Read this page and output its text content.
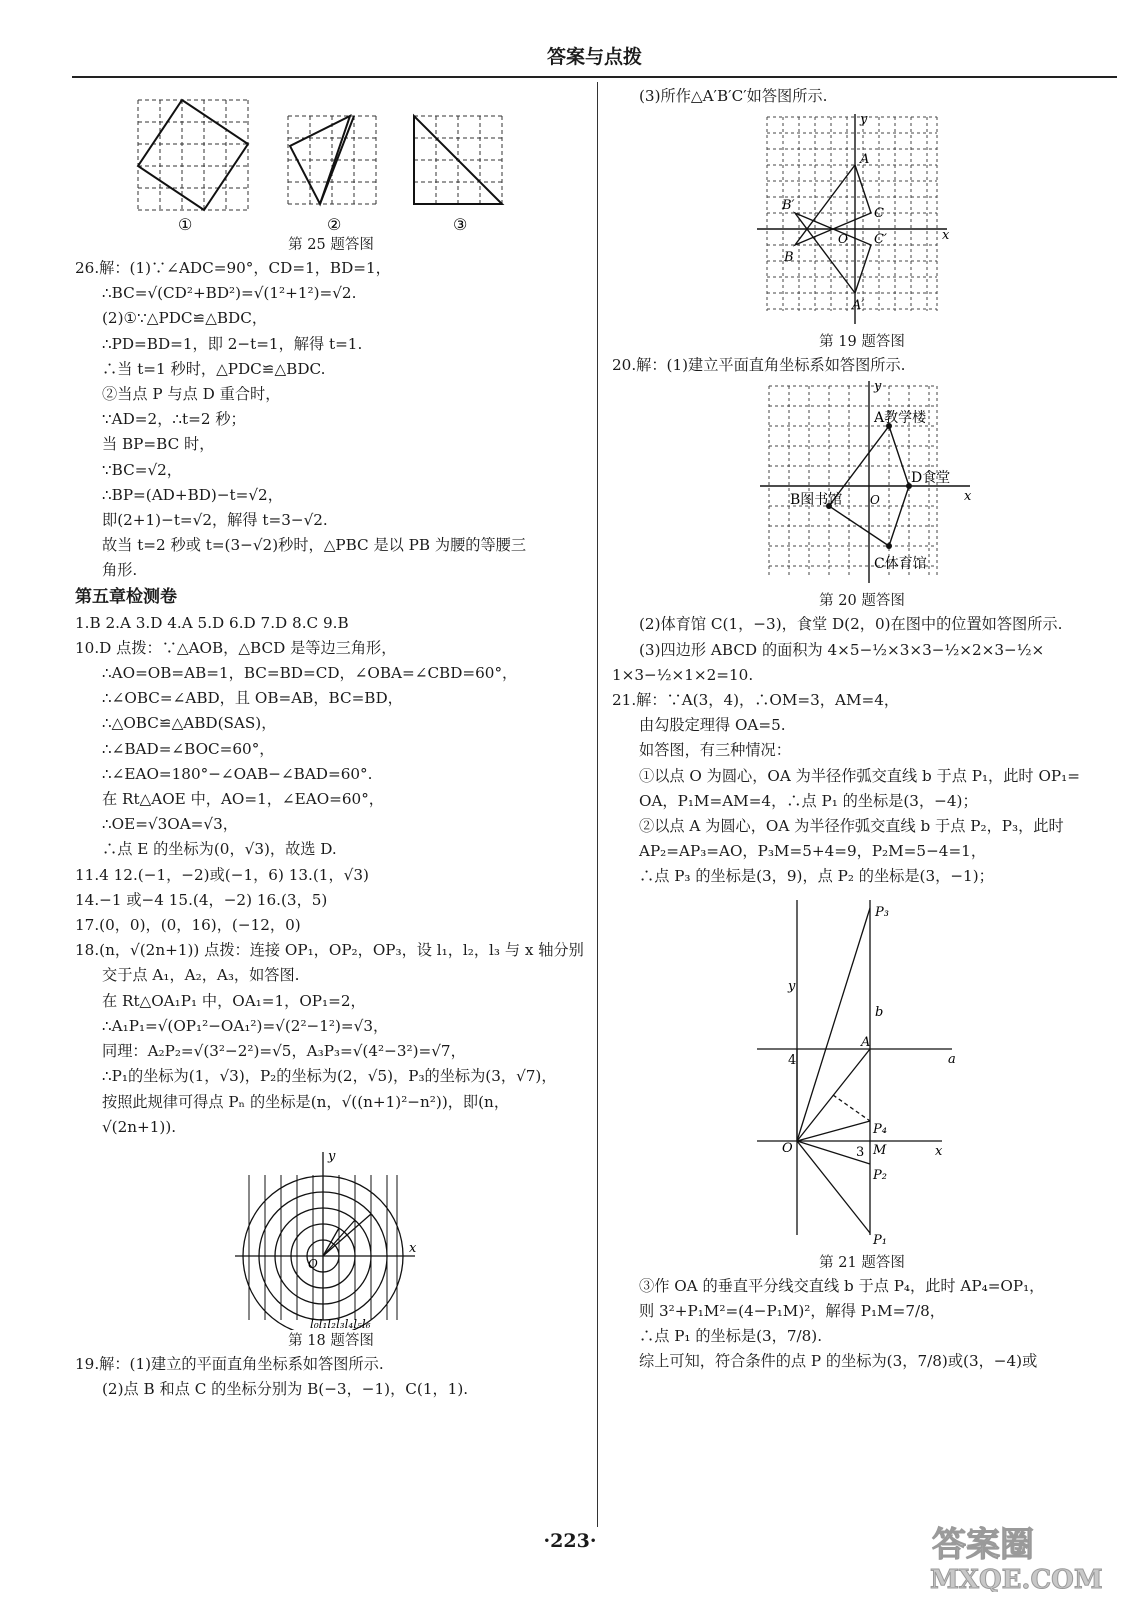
答案与点拨
①	②	③

第 25 题答图

26.解：(1)∵∠ADC=90°，CD=1，BD=1，

∴BC=√(CD²+BD²)=√(1²+1²)=√2.

(2)①∵△PDC≌△BDC，

∴PD=BD=1，即 2−t=1，解得 t=1.

∴当 t=1 秒时，△PDC≌△BDC.

②当点 P 与点 D 重合时，

∵AD=2，∴t=2 秒；

当 BP=BC 时，

∵BC=√2，

∴BP=(AD+BD)−t=√2，

即(2+1)−t=√2，解得 t=3−√2.

故当 t=2 秒或 t=(3−√2)秒时，△PBC 是以 PB 为腰的等腰三

角形.

第五章检测卷

1.B 2.A 3.D 4.A 5.D 6.D 7.D 8.C 9.B

10.D 点拨：∵△AOB，△BCD 是等边三角形，

∴AO=OB=AB=1，BC=BD=CD，∠OBA=∠CBD=60°，

∴∠OBC=∠ABD，且 OB=AB，BC=BD，

∴△OBC≌△ABD(SAS)，

∴∠BAD=∠BOC=60°，

∴∠EAO=180°−∠OAB−∠BAD=60°.

在 Rt△AOE 中，AO=1，∠EAO=60°，

∴OE=√3OA=√3，

∴点 E 的坐标为(0，√3)，故选 D.

11.4 12.(−1，−2)或(−1，6) 13.(1，√3)

14.−1 或−4 15.(4，−2) 16.(3，5)

17.(0，0)，(0，16)，(−12，0)

18.(n，√(2n+1)) 点拨：连接 OP₁，OP₂，OP₃，设 l₁，l₂，l₃ 与 x 轴分别

交于点 A₁，A₂，A₃，如答图.

在 Rt△OA₁P₁ 中，OA₁=1，OP₁=2，

∴A₁P₁=√(OP₁²−OA₁²)=√(2²−1²)=√3，

同理：A₂P₂=√(3²−2²)=√5，A₃P₃=√(4²−3²)=√7，

∴P₁的坐标为(1，√3)，P₂的坐标为(2，√5)，P₃的坐标为(3，√7)，

按照此规律可得点 Pₙ 的坐标是(n，√((n+1)²−n²))，即(n，

√(2n+1)).

y
x
O
l₀l₁l₂l₃l₄l₅l₆

第 18 题答图

19.解：(1)建立的平面直角坐标系如答图所示.

(2)点 B 和点 C 的坐标分别为 B(−3，−1)，C(1，1).

(3)所作△A′B′C′如答图所示.

y
x
A
A′
B′
B
C
C′
O

第 19 题答图

20.解：(1)建立平面直角坐标系如答图所示.

y
x
A教学楼
D食堂
B图书馆
C体育馆
O

第 20 题答图

(2)体育馆 C(1，−3)，食堂 D(2，0)在图中的位置如答图所示.

(3)四边形 ABCD 的面积为 4×5−½×3×3−½×2×3−½×

1×3−½×1×2=10.

21.解：∵A(3，4)，∴OM=3，AM=4，

由勾股定理得 OA=5.

如答图，有三种情况：

①以点 O 为圆心，OA 为半径作弧交直线 b 于点 P₁，此时 OP₁=

OA，P₁M=AM=4，∴点 P₁ 的坐标是(3，−4)；

②以点 A 为圆心，OA 为半径作弧交直线 b 于点 P₂，P₃，此时

AP₂=AP₃=AO，P₃M=5+4=9，P₂M=5−4=1，

∴点 P₃ 的坐标是(3，9)，点 P₂ 的坐标是(3，−1)；

P₃
b
y
4
A
a
P₄
O	3 M	x
P₂
P₁

第 21 题答图

③作 OA 的垂直平分线交直线 b 于点 P₄，此时 AP₄=OP₁，

则 3²+P₁M²=(4−P₁M)²，解得 P₁M=7/8，

∴点 P₁ 的坐标是(3，7/8).

综上可知，符合条件的点 P 的坐标为(3，7/8)或(3，−4)或

·223·	答案圈
MXQE.COM
